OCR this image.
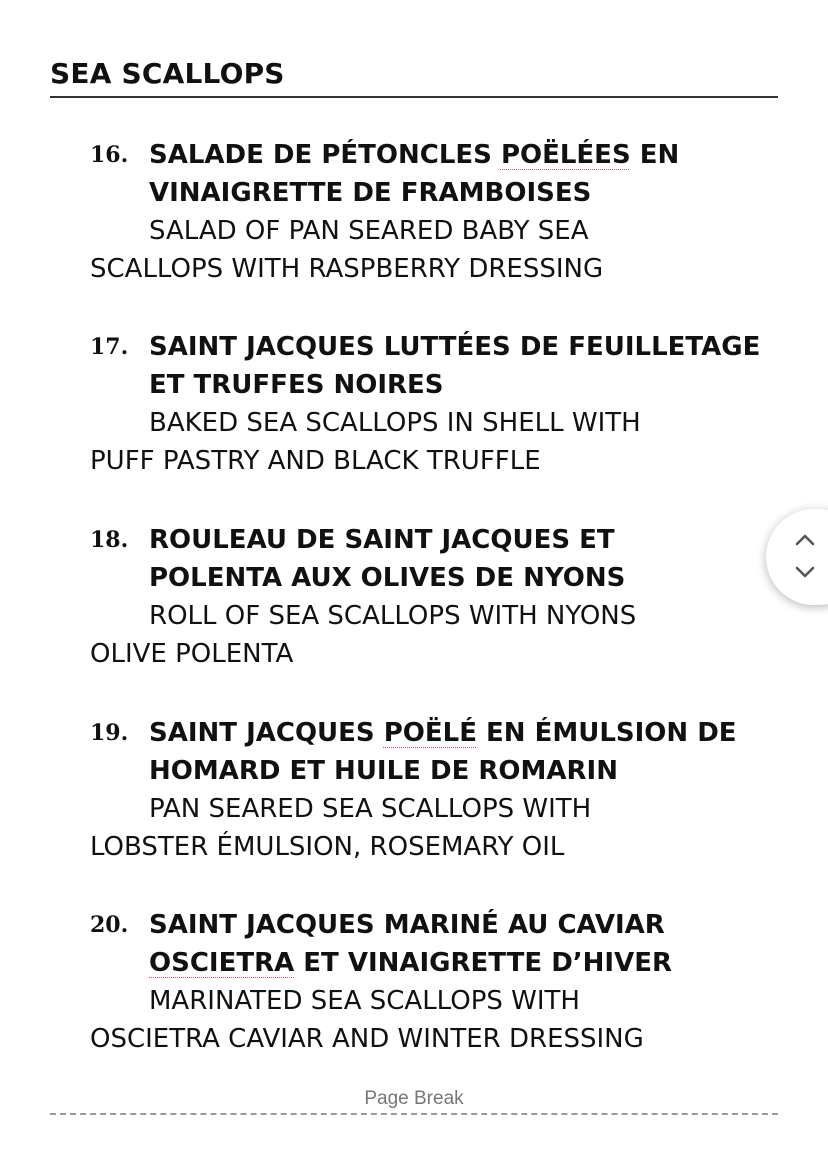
SEA SCALLOPS
16. SALADE DE PÉTONCLES POËLÉES EN
VINAIGRETTE DE FRAMBOISES
SALAD OF PAN SEARED BABY SEA
SCALLOPS WITH RASPBERRY DRESSING
17. SAINT JACQUES LUTTÉES DE FEUILLETAGE
ET TRUFFES NOIRES
BAKED SEA SCALLOPS IN SHELL WITH
PUFF PASTRY AND BLACK TRUFFLE
18. ROULEAU DE SAINT JACQUES ET
POLENTA AUX OLIVES DE NYONS
ROLL OF SEA SCALLOPS WITH NYONS
OLIVE POLENTA
19. SAINT JACQUES POËLÉ EN ÉMULSION DE
HOMARD ET HUILE DE ROMARIN
PAN SEARED SEA SCALLOPS WITH
LOBSTER ÉMULSION, ROSEMARY OIL
20. SAINT JACQUES MARINÉ AU CAVIAR
OSCIETRA ET VINAIGRETTE D’HIVER
MARINATED SEA SCALLOPS WITH
OSCIETRA CAVIAR AND WINTER DRESSING
Page Break
